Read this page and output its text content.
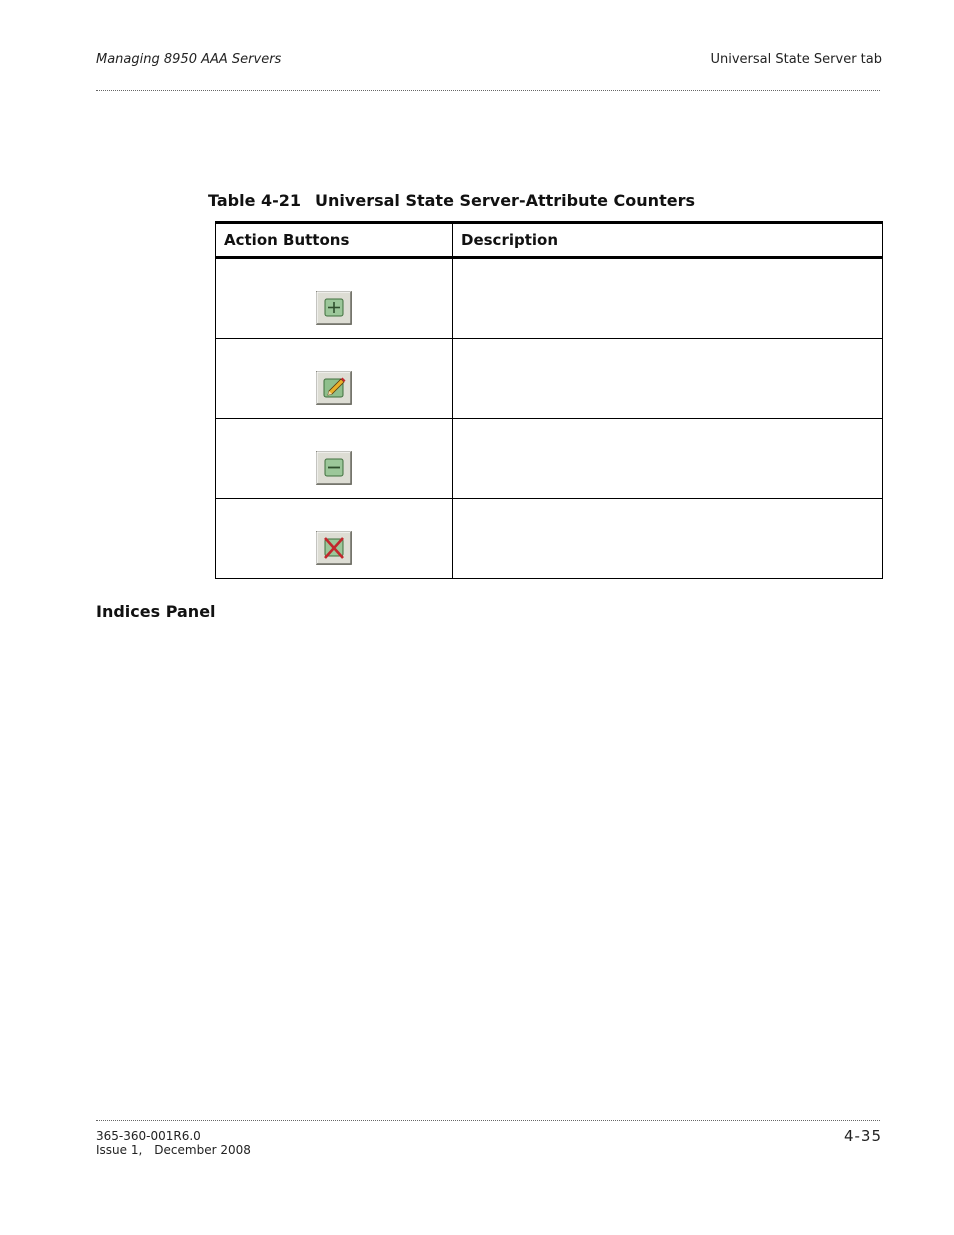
Managing 8950 AAA Servers	Universal State Server tab
Table 4-21 Universal State Server-Attribute Counters
Action Buttons	Description

Indices Panel
365-360-001R6.0
Issue 1, December 2008
4-35
